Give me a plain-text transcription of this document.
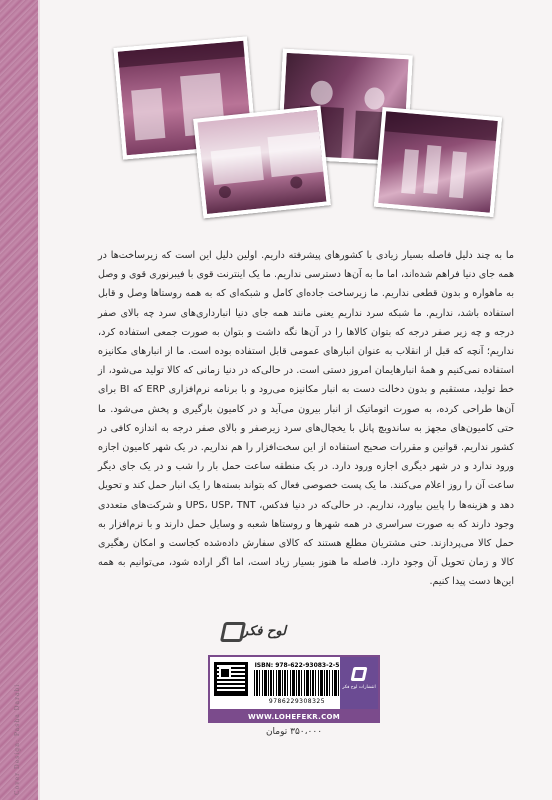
Cover Design: Pasha Darabi
ما به چند دلیل فاصله بسیار زیادی با کشورهای پیشرفته داریم. اولین دلیل این است که زیرساخت‌ها در همه جای دنیا فراهم شده‌اند، اما ما به آن‌ها دسترسی نداریم. ما یک اینترنت قوی با فیبرنوری قوی و وصل به ماهواره و بدون قطعی نداریم. ما زیرساخت جاده‌ای کامل و شبکه‌ای که به همه روستاها وصل و قابل استفاده باشد، نداریم. ما شبکه سرد نداریم یعنی مانند همه جای دنیا انبارداری‌های سرد چه بالای صفر درجه و چه زیر صفر درجه که بتوان کالاها را در آن‌ها نگه داشت و بتوان به صورت جمعی استفاده کرد، نداریم؛ آنچه که قبل از انقلاب به عنوان انبارهای عمومی قابل استفاده بوده است. ما از انبارهای مکانیزه استفاده نمی‌کنیم و همهٔ انبارهایمان امروز دستی است. در حالی‌که در دنیا زمانی که کالا تولید می‌شود، از خط تولید، مستقیم و بدون دخالت دست به انبار مکانیزه می‌رود و با برنامه نرم‌افزاری ERP که BI برای آن‌ها طراحی کرده، به صورت اتوماتیک از انبار بیرون می‌آید و در کامیون بارگیری و پخش می‌شود. ما حتی کامیون‌های مجهز به ساندویچ پانل با یخچال‌های سرد زیرصفر و بالای صفر درجه به اندازه کافی در کشور نداریم. قوانین و مقررات صحیح استفاده از این سخت‌افزار را هم نداریم. در یک شهر کامیون اجازه ورود ندارد و در شهر دیگری اجازه ورود دارد. در یک منطقه ساعت حمل بار را شب و در یک جای دیگر ساعت آن را روز اعلام می‌کنند. ما یک پست خصوصی فعال که بتواند بسته‌ها را یک انبار حمل کند و تحویل دهد و هزینه‌ها را پایین بیاورد، نداریم. در حالی‌که در دنیا فدکس، UPS، USP، TNT و شرکت‌های متعددی وجود دارند که به صورت سراسری در همه شهرها و روستاها شعبه و وسایل حمل دارند و با نرم‌افزار به حمل کالا می‌پردازند. حتی مشتریان مطلع هستند که کالای سفارش داده‌شده کجاست و امکان رهگیری کالا و زمان تحویل آن وجود دارد. فاصله ما هنوز بسیار زیاد است، اما اگر اراده شود، می‌توانیم به همه این‌ها دست پیدا کنیم.
لوح فکر
ISBN: 978-622-93083-2-5
9786229308325
انتشارات لوح فکر
WWW.LOHEFEKR.COM
۳۵۰،۰۰۰ تومان
